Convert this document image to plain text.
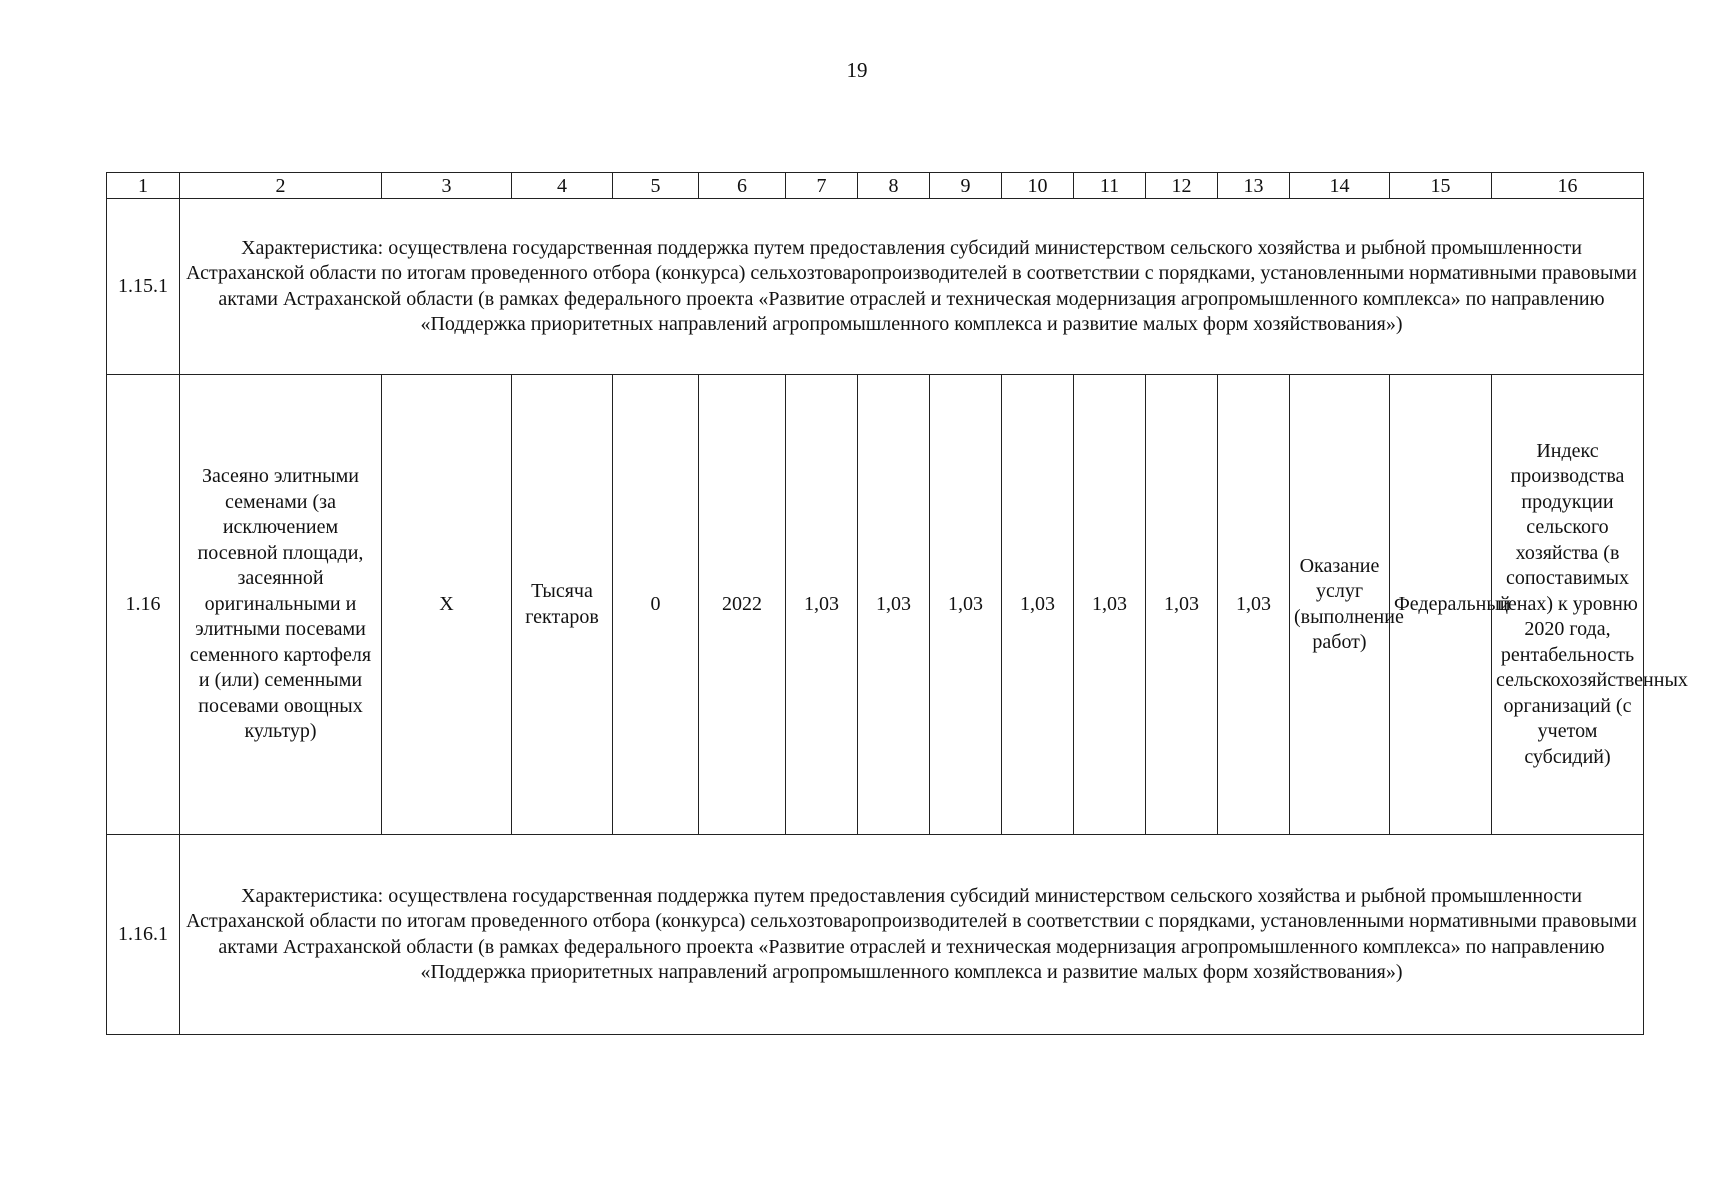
19
1	2	3	4	5	6	7	8	9	10	11	12	13	14	15	16
1.15.1	Характеристика: осуществлена государственная поддержка путем предоставления субсидий министерством сельского хозяйства и рыбной промышленности Астраханской области по итогам проведенного отбора (конкурса) сельхозтоваропроизводителей в соответствии с порядками, установленными нормативными правовыми актами Астраханской области (в рамках федерального проекта «Развитие отраслей и техническая модернизация агропромышленного комплекса» по направлению «Поддержка приоритетных направлений агропромышленного комплекса и развитие малых форм хозяйствования»)														

1.16	Засеяно элитными семенами (за исключением посевной площади, засеянной оригинальными и элитными посевами семенного картофеля и (или) семенными посевами овощных культур)	X	Тысяча гектаров	0	2022	1,03	1,03	1,03	1,03	1,03	1,03	1,03	Оказание услуг (выполнение работ)	Федеральный	Индекс производства продукции сельского хозяйства (в сопоставимых ценах) к уровню 2020 года, рентабельность сельскохозяйственных организаций (с учетом субсидий)
1.16.1	Характеристика: осуществлена государственная поддержка путем предоставления субсидий министерством сельского хозяйства и рыбной промышленности Астраханской области по итогам проведенного отбора (конкурса) сельхозтоваропроизводителей в соответствии с порядками, установленными нормативными правовыми актами Астраханской области (в рамках федерального проекта «Развитие отраслей и техническая модернизация агропромышленного комплекса» по направлению «Поддержка приоритетных направлений агропромышленного комплекса и развитие малых форм хозяйствования»)														
